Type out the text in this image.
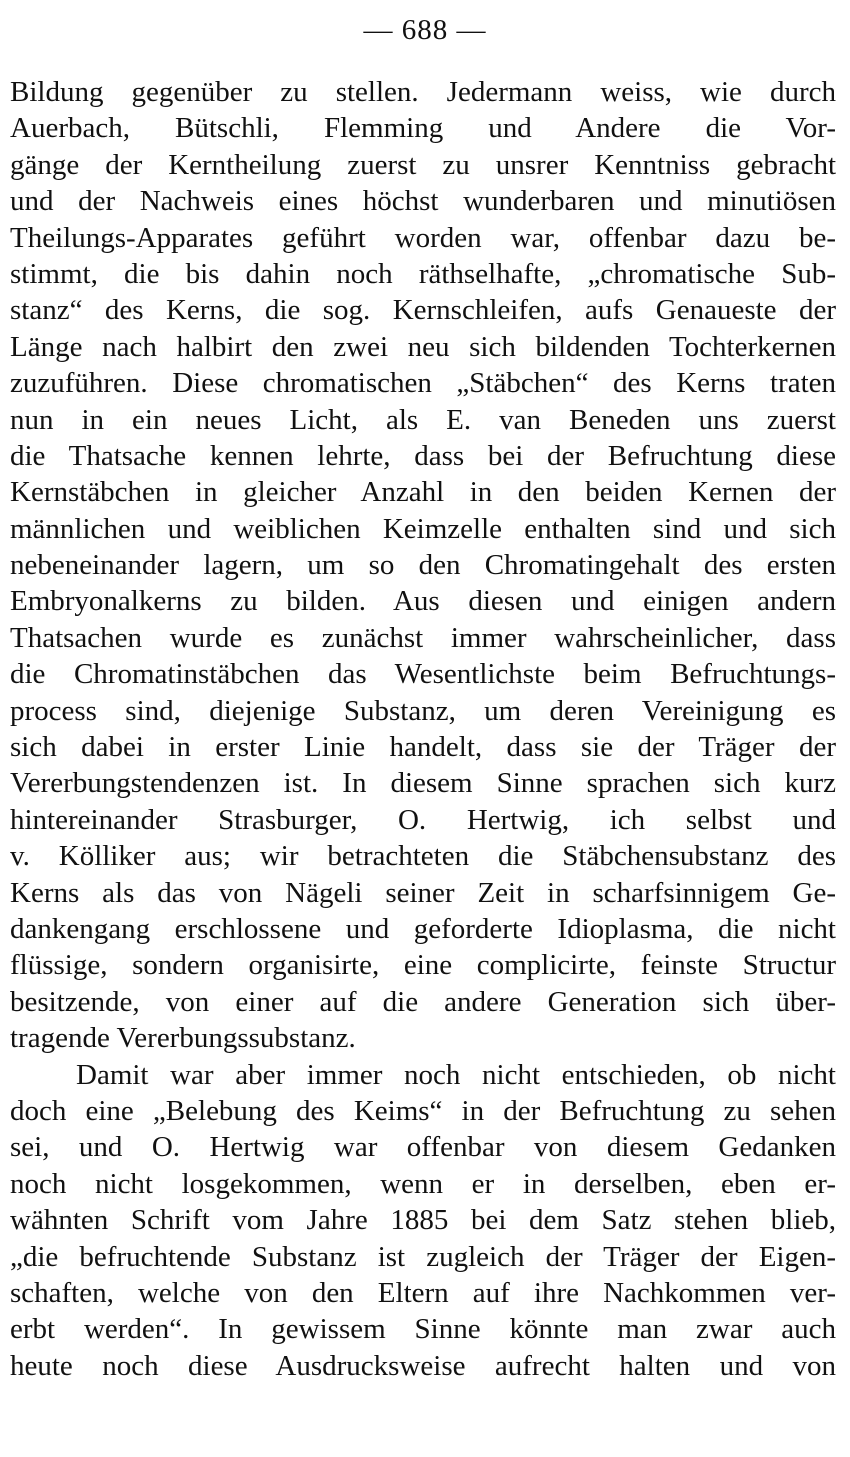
— 688 —
Bildung gegenüber zu stellen. Jedermann weiss, wie durch
Auerbach, Bütschli, Flemming und Andere die Vor-
gänge der Kerntheilung zuerst zu unsrer Kenntniss gebracht
und der Nachweis eines höchst wunderbaren und minutiösen
Theilungs-Apparates geführt worden war, offenbar dazu be-
stimmt, die bis dahin noch räthselhafte, „chromatische Sub-
stanz“ des Kerns, die sog. Kernschleifen, aufs Genaueste der
Länge nach halbirt den zwei neu sich bildenden Tochterkernen
zuzuführen. Diese chromatischen „Stäbchen“ des Kerns traten
nun in ein neues Licht, als E. van Beneden uns zuerst
die Thatsache kennen lehrte, dass bei der Befruchtung diese
Kernstäbchen in gleicher Anzahl in den beiden Kernen der
männlichen und weiblichen Keimzelle enthalten sind und sich
nebeneinander lagern, um so den Chromatingehalt des ersten
Embryonalkerns zu bilden. Aus diesen und einigen andern
Thatsachen wurde es zunächst immer wahrscheinlicher, dass
die Chromatinstäbchen das Wesentlichste beim Befruchtungs-
process sind, diejenige Substanz, um deren Vereinigung es
sich dabei in erster Linie handelt, dass sie der Träger der
Vererbungstendenzen ist. In diesem Sinne sprachen sich kurz
hintereinander Strasburger, O. Hertwig, ich selbst und
v. Kölliker aus; wir betrachteten die Stäbchensubstanz des
Kerns als das von Nägeli seiner Zeit in scharfsinnigem Ge-
dankengang erschlossene und geforderte Idioplasma, die nicht
flüssige, sondern organisirte, eine complicirte, feinste Structur
besitzende, von einer auf die andere Generation sich über-
tragende Vererbungssubstanz.
Damit war aber immer noch nicht entschieden, ob nicht
doch eine „Belebung des Keims“ in der Befruchtung zu sehen
sei, und O. Hertwig war offenbar von diesem Gedanken
noch nicht losgekommen, wenn er in derselben, eben er-
wähnten Schrift vom Jahre 1885 bei dem Satz stehen blieb,
„die befruchtende Substanz ist zugleich der Träger der Eigen-
schaften, welche von den Eltern auf ihre Nachkommen ver-
erbt werden“. In gewissem Sinne könnte man zwar auch
heute noch diese Ausdrucksweise aufrecht halten und von
